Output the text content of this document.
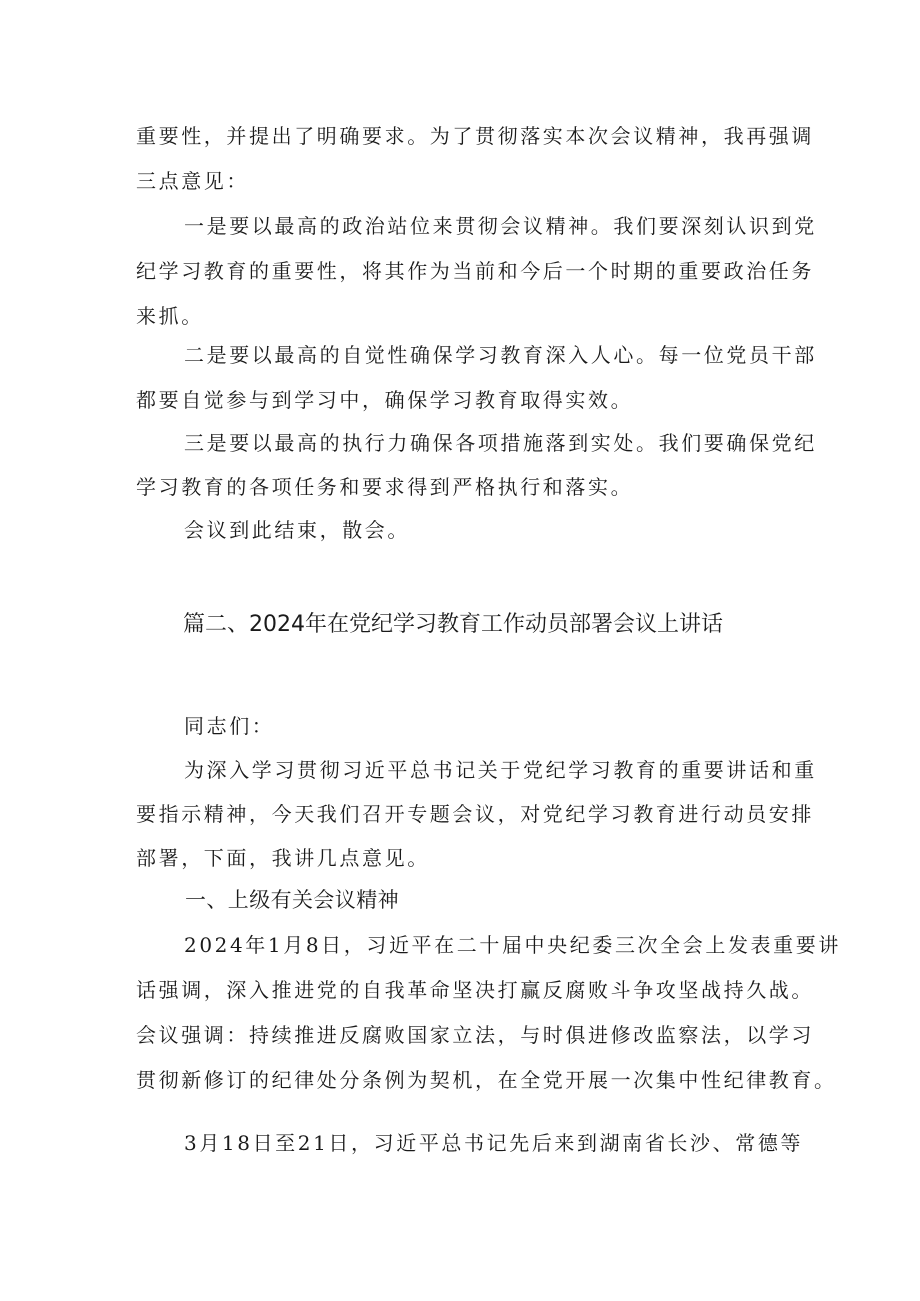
重要性，并提出了明确要求。为了贯彻落实本次会议精神，我再强调
三点意见：
一是要以最高的政治站位来贯彻会议精神。我们要深刻认识到党
纪学习教育的重要性，将其作为当前和今后一个时期的重要政治任务
来抓。
二是要以最高的自觉性确保学习教育深入人心。每一位党员干部
都要自觉参与到学习中，确保学习教育取得实效。
三是要以最高的执行力确保各项措施落到实处。我们要确保党纪
学习教育的各项任务和要求得到严格执行和落实。
会议到此结束，散会。
篇二、2024年在党纪学习教育工作动员部署会议上讲话
同志们：
为深入学习贯彻习近平总书记关于党纪学习教育的重要讲话和重
要指示精神，今天我们召开专题会议，对党纪学习教育进行动员安排
部署，下面，我讲几点意见。
一、上级有关会议精神
2024年1月8日，习近平在二十届中央纪委三次全会上发表重要讲
话强调，深入推进党的自我革命坚决打赢反腐败斗争攻坚战持久战。
会议强调：持续推进反腐败国家立法，与时俱进修改监察法，以学习
贯彻新修订的纪律处分条例为契机，在全党开展一次集中性纪律教育。
3月18日至21日，习近平总书记先后来到湖南省长沙、常德等
